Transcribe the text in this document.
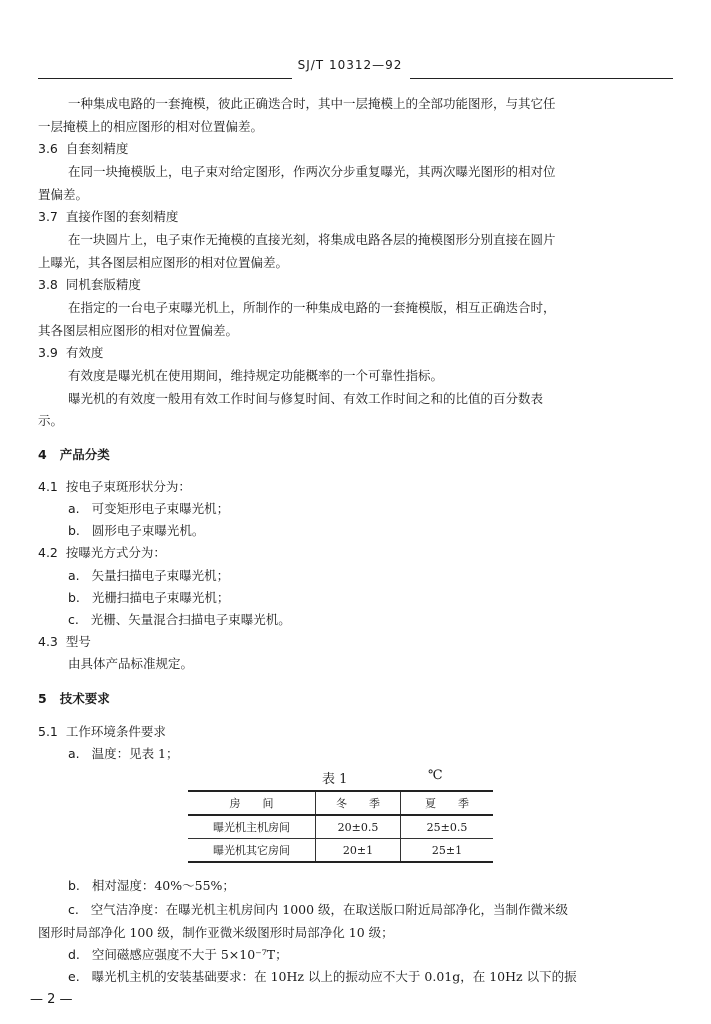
SJ/T 10312—92
一种集成电路的一套掩模，彼此正确迭合时，其中一层掩模上的全部功能图形，与其它任
一层掩模上的相应图形的相对位置偏差。
3.6 自套刻精度
在同一块掩模版上，电子束对给定图形，作两次分步重复曝光，其两次曝光图形的相对位
置偏差。
3.7 直接作图的套刻精度
在一块圆片上，电子束作无掩模的直接光刻，将集成电路各层的掩模图形分别直接在圆片
上曝光，其各图层相应图形的相对位置偏差。
3.8 同机套版精度
在指定的一台电子束曝光机上，所制作的一种集成电路的一套掩模版，相互正确迭合时，
其各图层相应图形的相对位置偏差。
3.9 有效度
有效度是曝光机在使用期间，维持规定功能概率的一个可靠性指标。
曝光机的有效度一般用有效工作时间与修复时间、有效工作时间之和的比值的百分数表
示。
4 产品分类
4.1 按电子束斑形状分为：
a. 可变矩形电子束曝光机；
b. 圆形电子束曝光机。
4.2 按曝光方式分为：
a. 矢量扫描电子束曝光机；
b. 光栅扫描电子束曝光机；
c. 光栅、矢量混合扫描电子束曝光机。
4.3 型号
由具体产品标准规定。
5 技术要求
5.1 工作环境条件要求
a. 温度：见表 1；
表 1	℃
房　　间	冬　　季	夏　　季
曝光机主机房间	20±0.5	25±0.5
曝光机其它房间	20±1	25±1
b. 相对湿度：40%～55%；
c. 空气洁净度：在曝光机主机房间内 1000 级，在取送版口附近局部净化，当制作微米级
图形时局部净化 100 级，制作亚微米级图形时局部净化 10 级；
d. 空间磁感应强度不大于 5×10⁻⁷T；
e. 曝光机主机的安装基础要求：在 10Hz 以上的振动应不大于 0.01g，在 10Hz 以下的振
— 2 —
